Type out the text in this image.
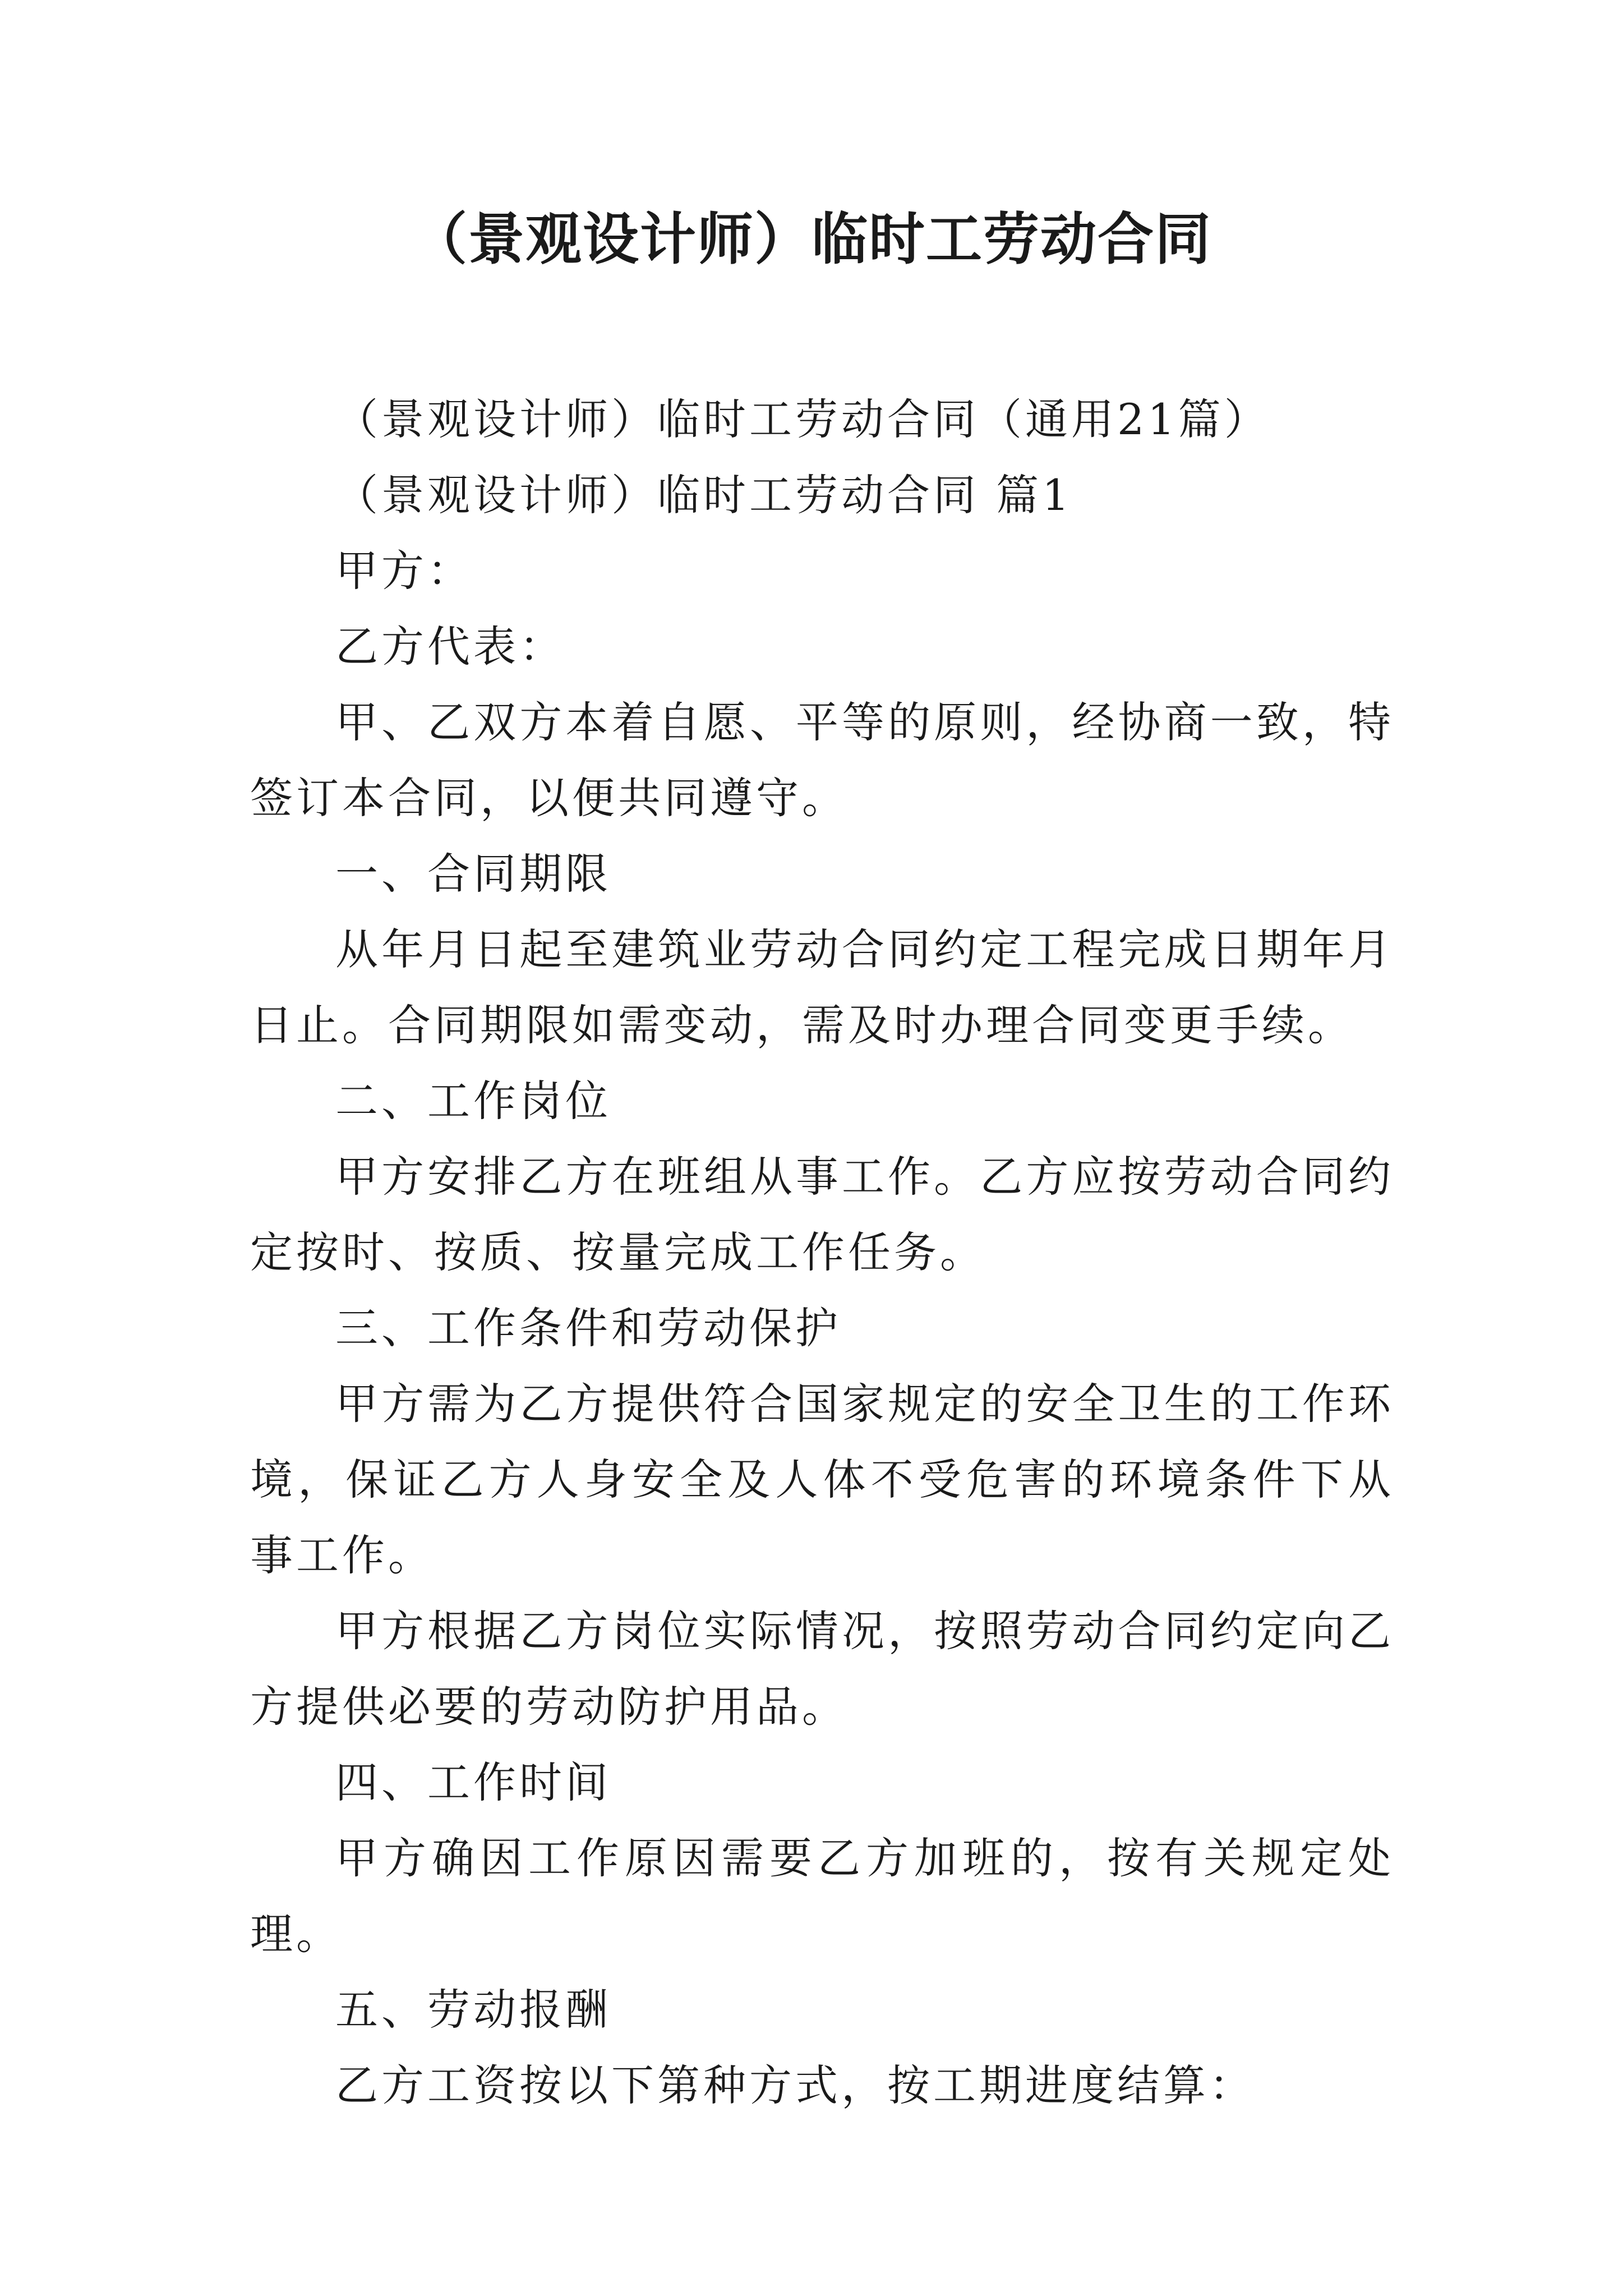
（景观设计师）临时工劳动合同

（景观设计师）临时工劳动合同（通用21篇）

（景观设计师）临时工劳动合同 篇1

甲方：

乙方代表：

甲、乙双方本着自愿、平等的原则，经协商一致，特签订本合同，以便共同遵守。

一、合同期限

从年月日起至建筑业劳动合同约定工程完成日期年月日止。合同期限如需变动，需及时办理合同变更手续。

二、工作岗位

甲方安排乙方在班组从事工作。乙方应按劳动合同约定按时、按质、按量完成工作任务。

三、工作条件和劳动保护

甲方需为乙方提供符合国家规定的安全卫生的工作环境，保证乙方人身安全及人体不受危害的环境条件下从事工作。

甲方根据乙方岗位实际情况，按照劳动合同约定向乙方提供必要的劳动防护用品。

四、工作时间

甲方确因工作原因需要乙方加班的，按有关规定处理。

五、劳动报酬

乙方工资按以下第种方式，按工期进度结算：
